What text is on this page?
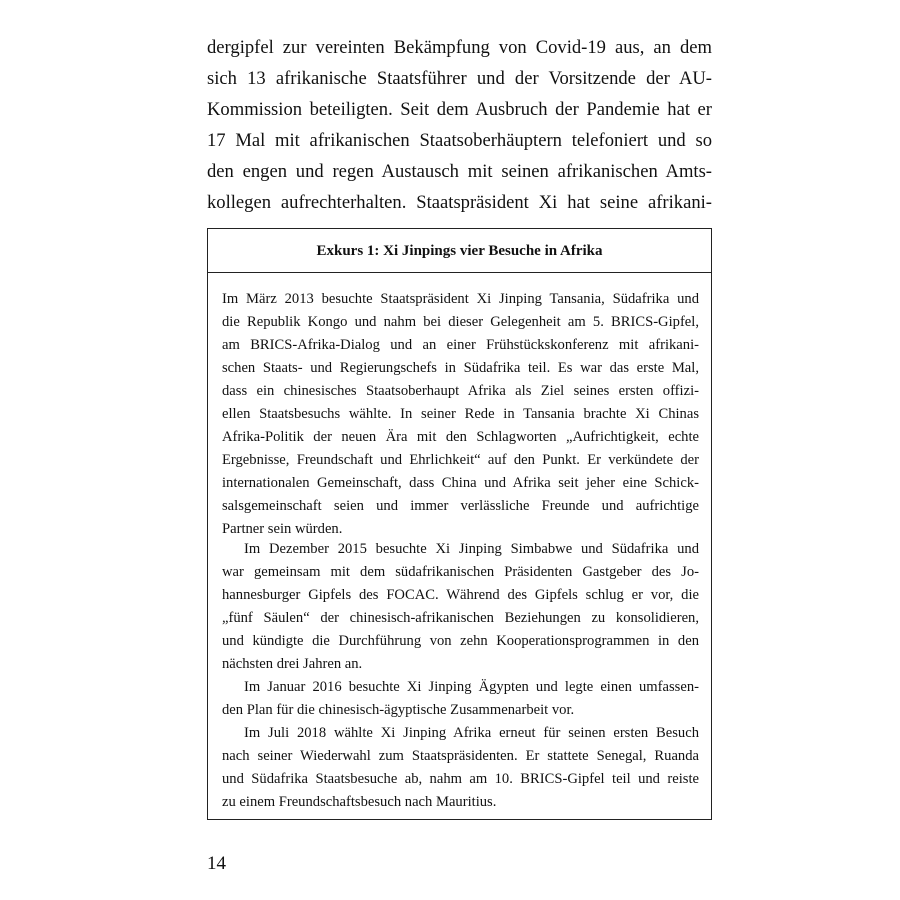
dergipfel zur vereinten Bekämpfung von Covid-19 aus, an dem
sich 13 afrikanische Staatsführer und der Vorsitzende der AU-
Kommission beteiligten. Seit dem Ausbruch der Pandemie hat er
17 Mal mit afrikanischen Staatsoberhäuptern telefoniert und so
den engen und regen Austausch mit seinen afrikanischen Amts-
kollegen aufrechterhalten. Staatspräsident Xi hat seine afrikani-
Exkurs 1: Xi Jinpings vier Besuche in Afrika
Im März 2013 besuchte Staatspräsident Xi Jinping Tansania, Südafrika und
die Republik Kongo und nahm bei dieser Gelegenheit am 5. BRICS-Gipfel,
am BRICS-Afrika-Dialog und an einer Frühstückskonferenz mit afrikani-
schen Staats- und Regierungschefs in Südafrika teil. Es war das erste Mal,
dass ein chinesisches Staatsoberhaupt Afrika als Ziel seines ersten offizi-
ellen Staatsbesuchs wählte. In seiner Rede in Tansania brachte Xi Chinas
Afrika-Politik der neuen Ära mit den Schlagworten „Aufrichtigkeit, echte
Ergebnisse, Freundschaft und Ehrlichkeit“ auf den Punkt. Er verkündete der
internationalen Gemeinschaft, dass China und Afrika seit jeher eine Schick-
salsgemeinschaft seien und immer verlässliche Freunde und aufrichtige
Partner sein würden.
Im Dezember 2015 besuchte Xi Jinping Simbabwe und Südafrika und
war gemeinsam mit dem südafrikanischen Präsidenten Gastgeber des Jo-
hannesburger Gipfels des FOCAC. Während des Gipfels schlug er vor, die
„fünf Säulen“ der chinesisch-afrikanischen Beziehungen zu konsolidieren,
und kündigte die Durchführung von zehn Kooperationsprogrammen in den
nächsten drei Jahren an.
Im Januar 2016 besuchte Xi Jinping Ägypten und legte einen umfassen-
den Plan für die chinesisch-ägyptische Zusammenarbeit vor.
Im Juli 2018 wählte Xi Jinping Afrika erneut für seinen ersten Besuch
nach seiner Wiederwahl zum Staatspräsidenten. Er stattete Senegal, Ruanda
und Südafrika Staatsbesuche ab, nahm am 10. BRICS-Gipfel teil und reiste
zu einem Freundschaftsbesuch nach Mauritius.
14
